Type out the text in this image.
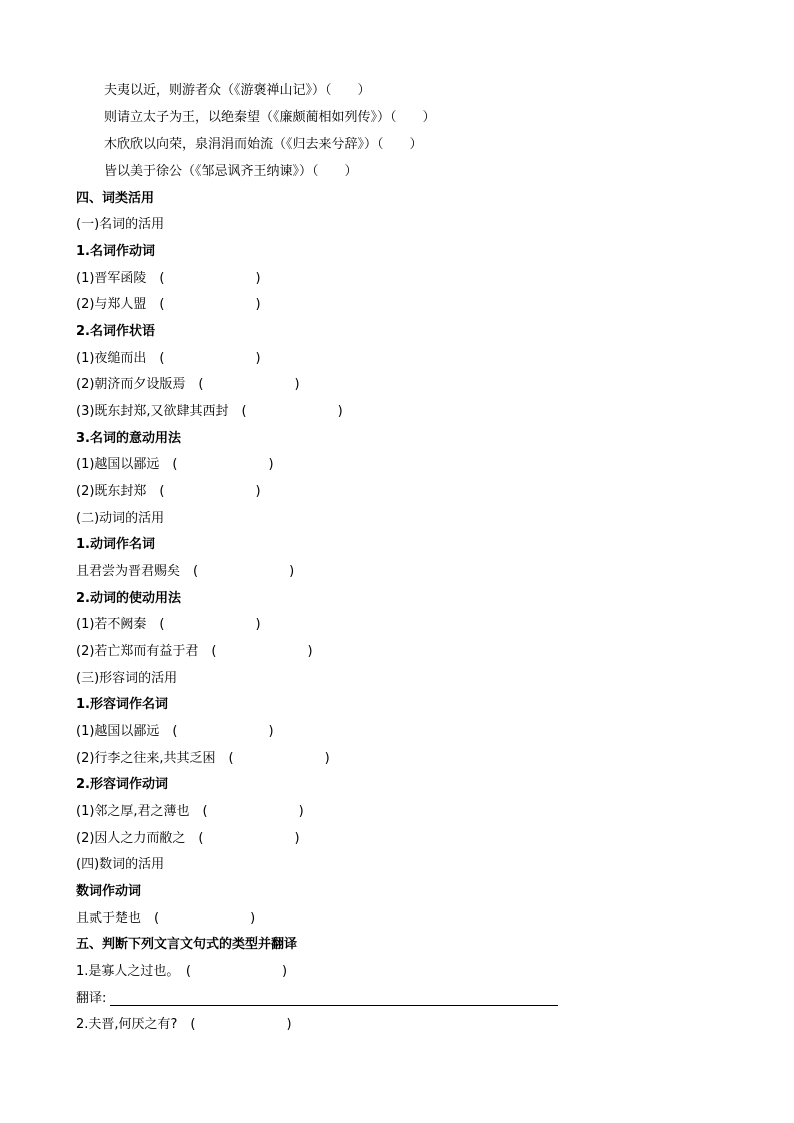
夫夷以近，则游者众（《游褒禅山记》）（　　）
则请立太子为王，以绝秦望（《廉颇蔺相如列传》）（　　）
木欣欣以向荣，泉涓涓而始流（《归去来兮辞》）（　　）
皆以美于徐公（《邹忌讽齐王纳谏》）（　　）
四、词类活用
(一)名词的活用
1.名词作动词
(1)晋军函陵　(　　　　　　　)
(2)与郑人盟　(　　　　　　　)
2.名词作状语
(1)夜缒而出　(　　　　　　　)
(2)朝济而夕设版焉　(　　　　　　　)
(3)既东封郑,又欲肆其西封　(　　　　　　　)
3.名词的意动用法
(1)越国以鄙远　(　　　　　　　)
(2)既东封郑　(　　　　　　　)
(二)动词的活用
1.动词作名词
且君尝为晋君赐矣　(　　　　　　　)
2.动词的使动用法
(1)若不阙秦　(　　　　　　　)
(2)若亡郑而有益于君　(　　　　　　　)
(三)形容词的活用
1.形容词作名词
(1)越国以鄙远　(　　　　　　　)
(2)行李之往来,共其乏困　(　　　　　　　)
2.形容词作动词
(1)邻之厚,君之薄也　(　　　　　　　)
(2)因人之力而敝之　(　　　　　　　)
(四)数词的活用
数词作动词
且贰于楚也　(　　　　　　　)
五、判断下列文言文句式的类型并翻译
1.是寡人之过也。　(　　　　　　　)
翻译:
2.夫晋,何厌之有?　(　　　　　　　)
